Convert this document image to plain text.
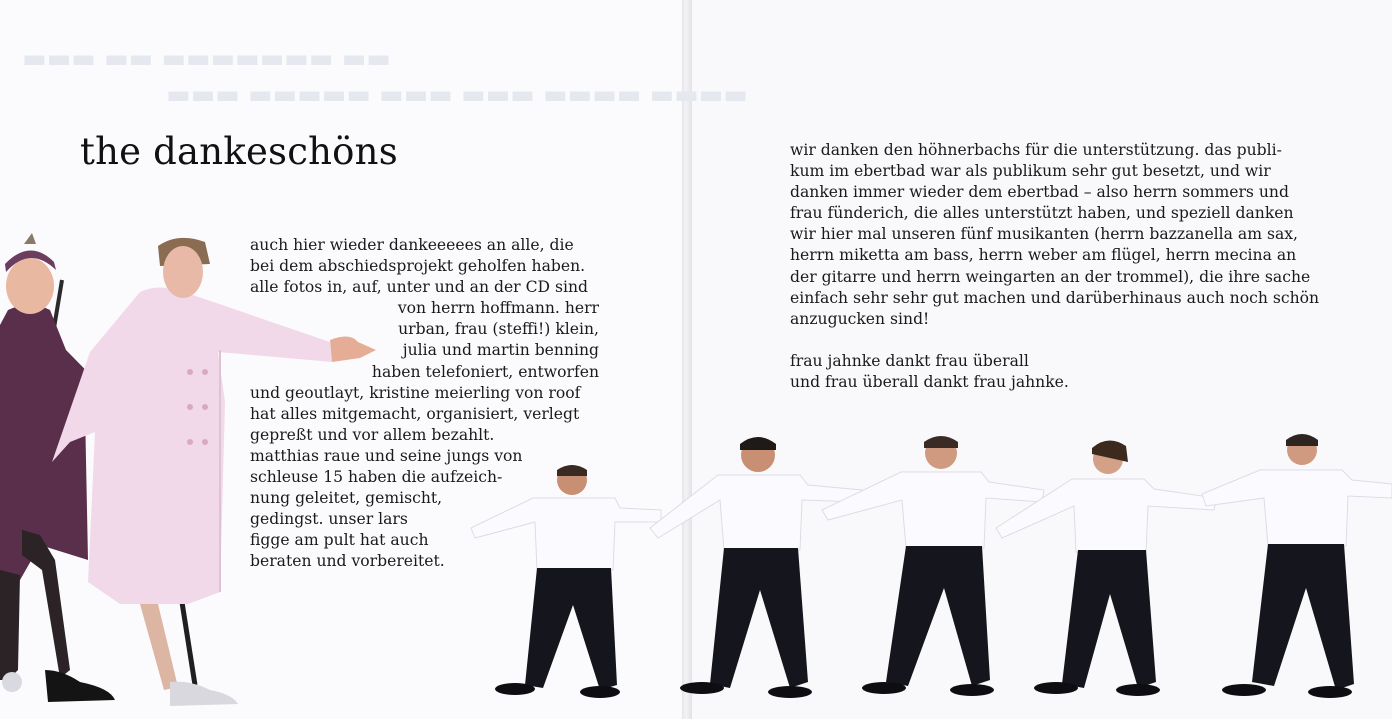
▬▬▬ ▬▬ ▬▬▬▬▬▬▬ ▬▬
▬▬▬ ▬▬▬▬▬ ▬▬▬ ▬▬▬ ▬▬▬▬ ▬▬▬▬
the dankeschöns
auch hier wieder dankeeeees an alle, die
bei dem abschiedsprojekt geholfen haben.
alle fotos in, auf, unter und an der CD sind
von herrn hoffmann. herr
urban, frau (steffi!) klein,
julia und martin benning
haben telefoniert, entworfen
und geoutlayt, kristine meierling von roof
hat alles mitgemacht, organisiert, verlegt
gepreßt und vor allem bezahlt.
matthias raue und seine jungs von
schleuse 15 haben die aufzeich-
nung geleitet, gemischt,
gedingst. unser lars
figge am pult hat auch
beraten und vorbereitet.
wir danken den höhnerbachs für die unterstützung. das publi-
kum im ebertbad war als publikum sehr gut besetzt, und wir
danken immer wieder dem ebertbad – also herrn sommers und
frau fünderich, die alles unterstützt haben, und speziell danken
wir hier mal unseren fünf musikanten (herrn bazzanella am sax,
herrn miketta am bass, herrn weber am flügel, herrn mecina an
der gitarre und herrn weingarten an der trommel), die ihre sache
einfach sehr sehr gut machen und darüberhinaus auch noch schön
anzugucken sind!
frau jahnke dankt frau überall
und frau überall dankt frau jahnke.
